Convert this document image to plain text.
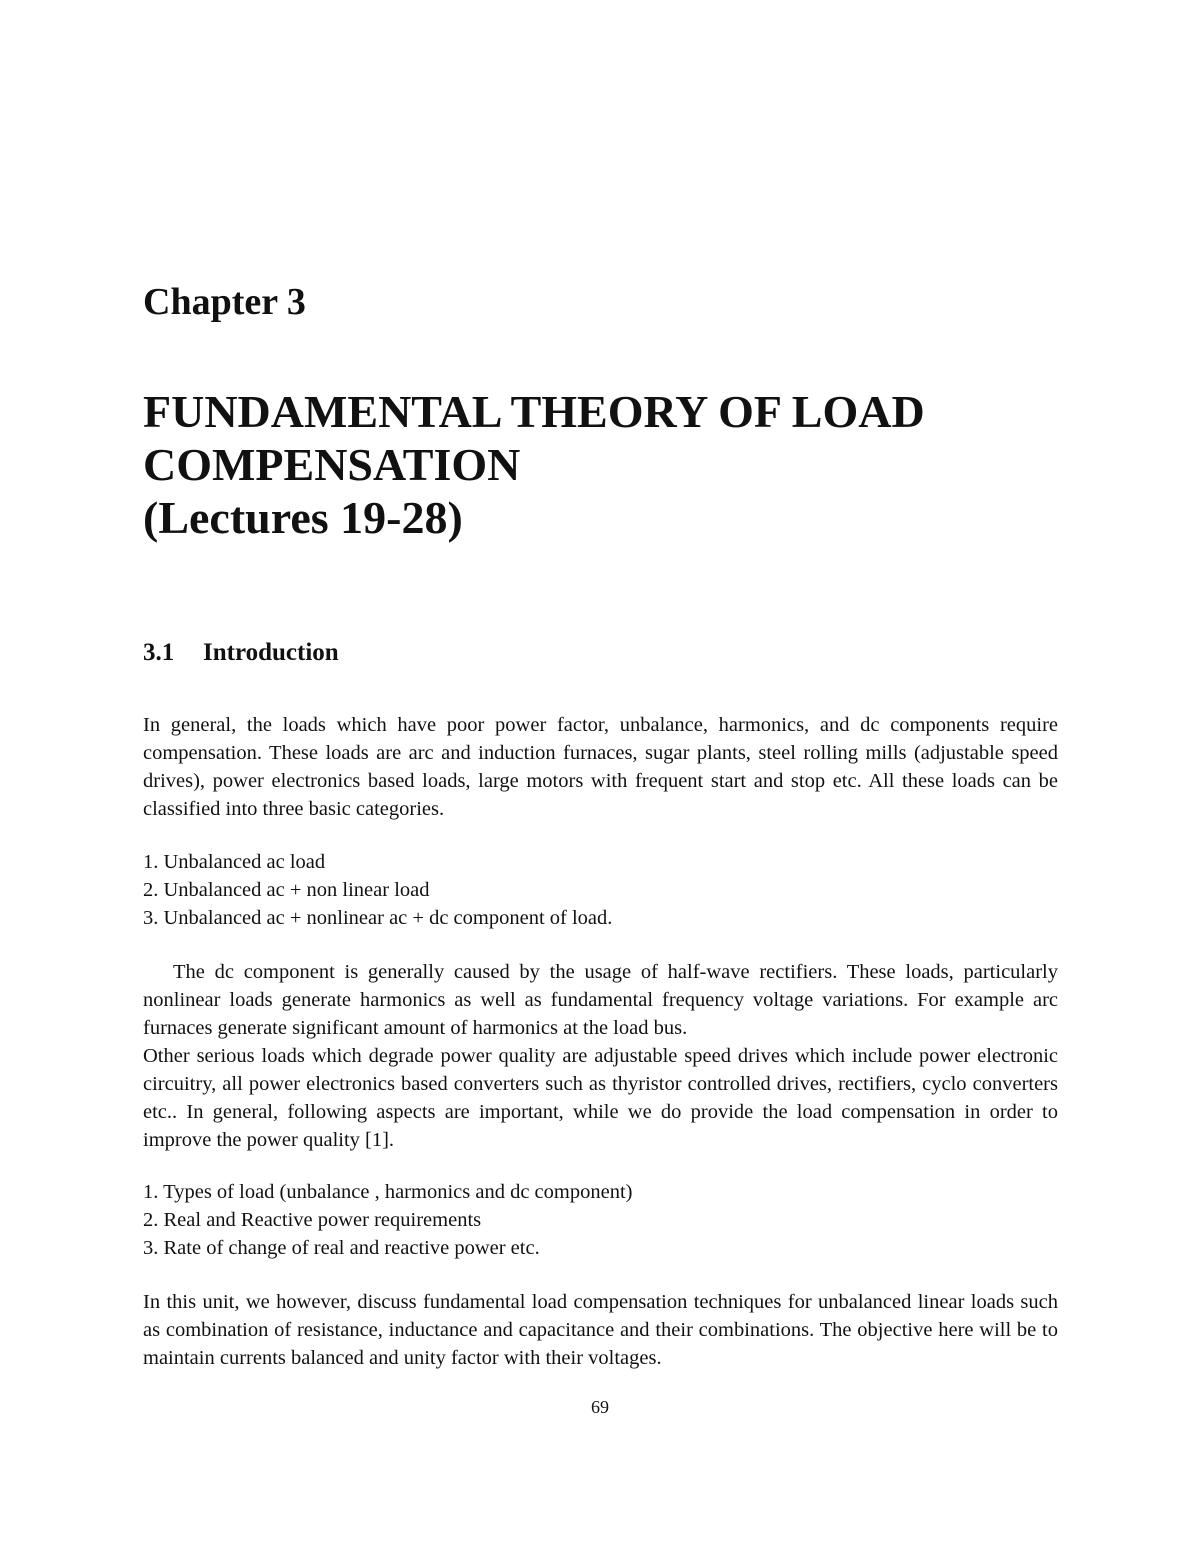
Chapter 3
FUNDAMENTAL THEORY OF LOAD
COMPENSATION
(Lectures 19-28)
3.1 Introduction

In general, the loads which have poor power factor, unbalance, harmonics, and dc components require compensation. These loads are arc and induction furnaces, sugar plants, steel rolling mills (adjustable speed drives), power electronics based loads, large motors with frequent start and stop etc. All these loads can be classified into three basic categories.

1. Unbalanced ac load
2. Unbalanced ac + non linear load
3. Unbalanced ac + nonlinear ac + dc component of load.

The dc component is generally caused by the usage of half-wave rectifiers. These loads, particularly nonlinear loads generate harmonics as well as fundamental frequency voltage variations. For example arc furnaces generate significant amount of harmonics at the load bus.

Other serious loads which degrade power quality are adjustable speed drives which include power electronic circuitry, all power electronics based converters such as thyristor controlled drives, rectifiers, cyclo converters etc.. In general, following aspects are important, while we do provide the load compensation in order to improve the power quality [1].

1. Types of load (unbalance , harmonics and dc component)
2. Real and Reactive power requirements
3. Rate of change of real and reactive power etc.

In this unit, we however, discuss fundamental load compensation techniques for unbalanced linear loads such as combination of resistance, inductance and capacitance and their combinations. The objective here will be to maintain currents balanced and unity factor with their voltages.

69
